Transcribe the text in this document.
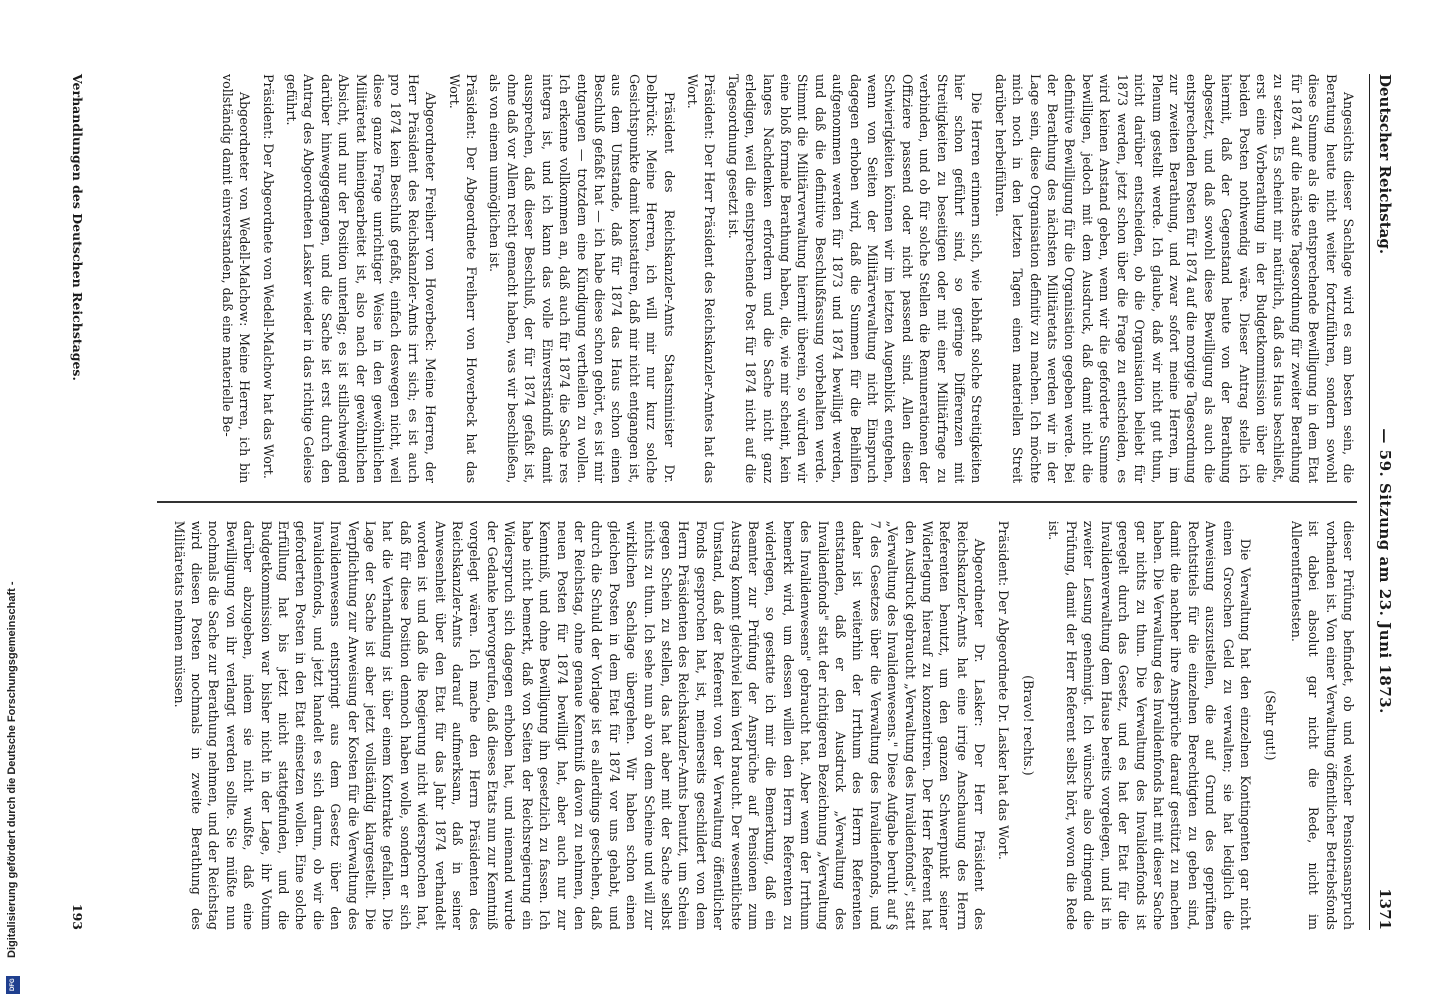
Deutscher Reichstag.
— 59. Sitzung am 23. Juni 1873.
1371

Angesichts dieser Sachlage wird es am besten sein, die Beratung heute nicht weiter fortzuführen, sondern sowohl diese Summe als die entsprechende Bewilligung in dem Etat für 1874 auf die nächste Tagesordnung für zweiter Berathung zu setzen. Es scheint mir natürlich, daß das Haus beschließt, erst eine Vorberathung in der Budgetkommission über die beiden Posten nothwendig wäre. Dieser Antrag stelle ich hiermit, daß der Gegenstand heute von der Berathung abgesetzt, und daß sowohl diese Bewilligung als auch die entsprechenden Posten für 1874 auf die morgige Tagesordnung zur zweiten Berathung, und zwar sofort meine Herren, im Plenum gestellt werde. Ich glaube, daß wir nicht gut thun, nicht darüber entscheiden, ob die Organisation beliebt für 1873 werden, jetzt schon über die Frage zu entscheiden, es wird keinen Anstand geben, wenn wir die geforderte Summe bewilligen, jedoch mit dem Ausdruck, daß damit nicht die definitive Bewilligung für die Organisation gegeben werde. Bei der Berathung des nächsten Militäretats werden wir in der Lage sein, diese Organisation definitiv zu machen. Ich möchte mich noch in den letzten Tagen einen materiellen Streit darüber herbeiführen.

Die Herren erinnern sich, wie lebhaft solche Streitigkeiten hier schon geführt sind, so geringe Differenzen mit Streitigkeiten zu beseitigen oder mit einer Militärfrage zu verbinden, und ob für solche Stellen die Remunerationen der Offiziere passend oder nicht passend sind. Allen diesen Schwierigkeiten können wir im letzten Augenblick entgehen, wenn von Seiten der Militärverwaltung nicht Einspruch dagegen erhoben wird, daß die Summen für die Beihilfen aufgenommen werden für 1873 und 1874 bewilligt werden, und daß die definitive Beschlußfassung vorbehalten werde. Stimmt die Militärverwaltung hiermit überein, so würden wir eine bloß formale Berathung haben, die, wie mir scheint, kein langes Nachdenken erfordern und die Sache nicht ganz erledigen, weil die entsprechende Post für 1874 nicht auf die Tagesordnung gesetzt ist.

Präsident: Der Herr Präsident des Reichskanzler-Amtes hat das Wort.

Präsident des Reichskanzler-Amts Staatsminister Dr. Delbrück: Meine Herren, ich will mir nur kurz solche Gesichtspunkte damit konstatiren, daß mir nicht entgangen ist, aus dem Umstande, daß für 1874 das Haus schon einen Beschluß gefaßt hat — ich habe diese schon gehört, es ist mir entgangen — trotzdem eine Kündigung vertheilen zu wollen. Ich erkenne vollkommen an, daß auch für 1874 die Sache res integra ist, und ich kann das volle Einverständniß damit aussprechen, daß dieser Beschluß, der für 1874 gefaßt ist, ohne daß vor Allem recht gemacht haben, was wir beschließen, als von einem unmöglichen ist.

Präsident: Der Abgeordnete Freiherr von Hoverbeck hat das Wort.

Abgeordneter Freiherr von Hoverbeck: Meine Herren, der Herr Präsident des Reichskanzler-Amts irrt sich; es ist auch pro 1874 kein Beschluß gefaßt, einfach deswegen nicht, weil diese ganze Frage unrichtiger Weise in den gewöhnlichen Militäretat hineingearbeitet ist, also nach der gewöhnlichen Absicht, und nur der Position unterlag; es ist stillschweigend darüber hinweggegangen, und die Sache ist erst durch den Antrag des Abgeordneten Lasker wieder in das richtige Geleise geführt.

Präsident: Der Abgeordnete von Wedell-Malchow hat das Wort.

Abgeordneter von Wedell-Malchow: Meine Herren, ich bin vollständig damit einverstanden, daß eine materielle Be-

dieser Prüfung befindet, ob und welcher Pensionsanspruch vorhanden ist. Von einer Verwaltung öffentlicher Betriebsfonds ist dabei absolut gar nicht die Rede, nicht im Allerentferntesten.

(Sehr gut!)

Die Verwaltung hat den einzelnen Kontingenten gar nicht einen Groschen Geld zu verwalten; sie hat lediglich die Anweisung auszustellen, die auf Grund des geprüften Rechtstitels für die einzelnen Berechtigten zu geben sind, damit die nachher ihre Ansprüche darauf gestützt zu machen haben. Die Verwaltung des Invalidenfonds hat mit dieser Sache gar nichts zu thun. Die Verwaltung des Invalidenfonds ist geregelt durch das Gesetz, und es hat der Etat für die Invalidenverwaltung dem Hause bereits vorgelegen, und ist in zweiter Lesung genehmigt. Ich wünsche also dringend die Prüfung, damit der Herr Referent selbst hört, wovon die Rede ist.

(Bravo! rechts.)

Präsident: Der Abgeordnete Dr. Lasker hat das Wort.

Abgeordneter Dr. Lasker: Der Herr Präsident des Reichskanzler-Amts hat eine irrige Anschauung des Herrn Referenten benutzt, um den ganzen Schwerpunkt seiner Widerlegung hierauf zu konzentriren. Der Herr Referent hat den Ausdruck gebraucht „Verwaltung des Invalidenfonds", statt „Verwaltung des Invalidenwesens." Diese Aufgabe beruht auf § 7 des Gesetzes über die Verwaltung des Invalidenfonds, und daher ist weiterhin der Irrthum des Herrn Referenten entstanden, daß er den Ausdruck „Verwaltung des Invalidenfonds" statt der richtigeren Bezeichnung „Verwaltung des Invalidenwesens" gebraucht hat. Aber wenn der Irrthum bemerkt wird, um dessen willen den Herrn Referenten zu widerlegen, so gestatte ich mir die Bemerkung, daß ein Beamter zur Prüfung der Ansprüche auf Pensionen zum Austrag kommt gleichviel kein Verd braucht. Der wesentlichste Umstand, daß der Referent von der Verwaltung öffentlicher Fonds gesprochen hat, ist, meinerseits geschildert von dem Herrn Präsidenten des Reichskanzler-Amts benutzt, um Schein gegen Schein zu stellen, das hat aber mit der Sache selbst nichts zu thun. Ich sehe nun ab von dem Scheine und will zur wirklichen Sachlage übergehen. Wir haben schon einen gleichen Posten in dem Etat für 1874 vor uns gehabt, und durch die Schuld der Vorlage ist es allerdings geschehen, daß der Reichstag, ohne genaue Kenntniß davon zu nehmen, den neuen Posten für 1874 bewilligt hat, aber auch nur zur Kenntniß, und ohne Bewilligung ihn gesetzlich zu fassen. Ich habe nicht bemerkt, daß von Seiten der Reichsregierung ein Widerspruch sich dagegen erhoben hat, und niemand wurde der Gedanke hervorgerufen, daß dieses Etats nun zur Kenntniß vorgelegt wären. Ich mache den Herrn Präsidenten des Reichskanzler-Amts darauf aufmerksam, daß in seiner Anwesenheit über den Etat für das Jahr 1874 verhandelt worden ist und daß die Regierung nicht widersprochen hat, daß für diese Position dennoch haben wolle, sondern er sich hat die Verhandlung ist über einem Kontrakte gefallen. Die Lage der Sache ist aber jetzt vollständig klargestellt. Die Verpflichtung zur Anweisung der Kosten für die Verwaltung des Invalidenwesens entspringt aus dem Gesetz über den Invalidenfonds, und jetzt handelt es sich darum, ob wir die geforderten Posten in den Etat einsetzen wollen. Eine solche Erfüllung hat bis jetzt nicht stattgefunden, und die Budgetkommission war bisher nicht in der Lage, ihr Votum darüber abzugeben, indem sie nicht wußte, daß eine Bewilligung von ihr verlangt werden sollte. Sie müßte nun nochmals die Sache zur Berathung nehmen, und der Reichstag wird diesen Posten nochmals in zweite Berathung des Militäretats nehmen müssen.

Verhandlungen des Deutschen Reichstages.
193
Digitalisierung gefördert durch die Deutsche Forschungsgemeinschaft -
DFG
